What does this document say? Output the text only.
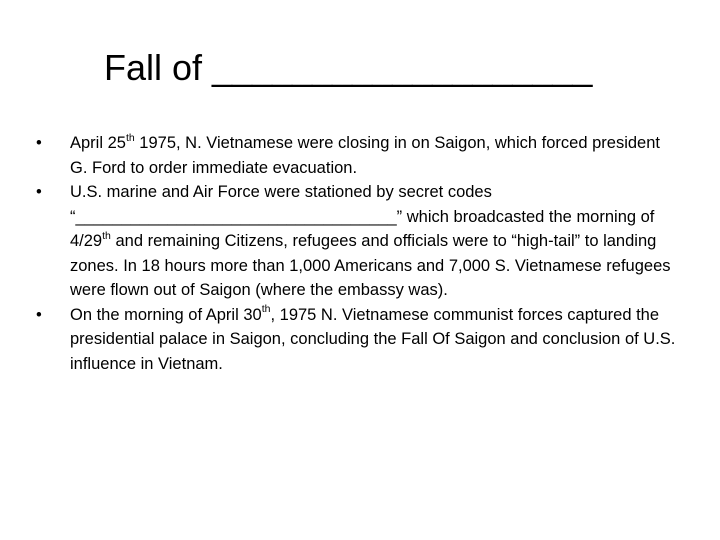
Fall of ___________________
•	April 25th 1975, N. Vietnamese were closing in on Saigon, which forced president G. Ford to order immediate evacuation.
•	U.S. marine and Air Force were stationed by secret codes “___________________________________” which broadcasted the morning of 4/29th and remaining Citizens, refugees and officials were to “high-tail” to landing zones. In 18 hours more than 1,000 Americans and 7,000 S. Vietnamese refugees were flown out of Saigon (where the embassy was).
•	On the morning of April 30th, 1975 N. Vietnamese communist forces captured the presidential palace in Saigon, concluding the Fall Of Saigon and conclusion of U.S. influence in Vietnam.
